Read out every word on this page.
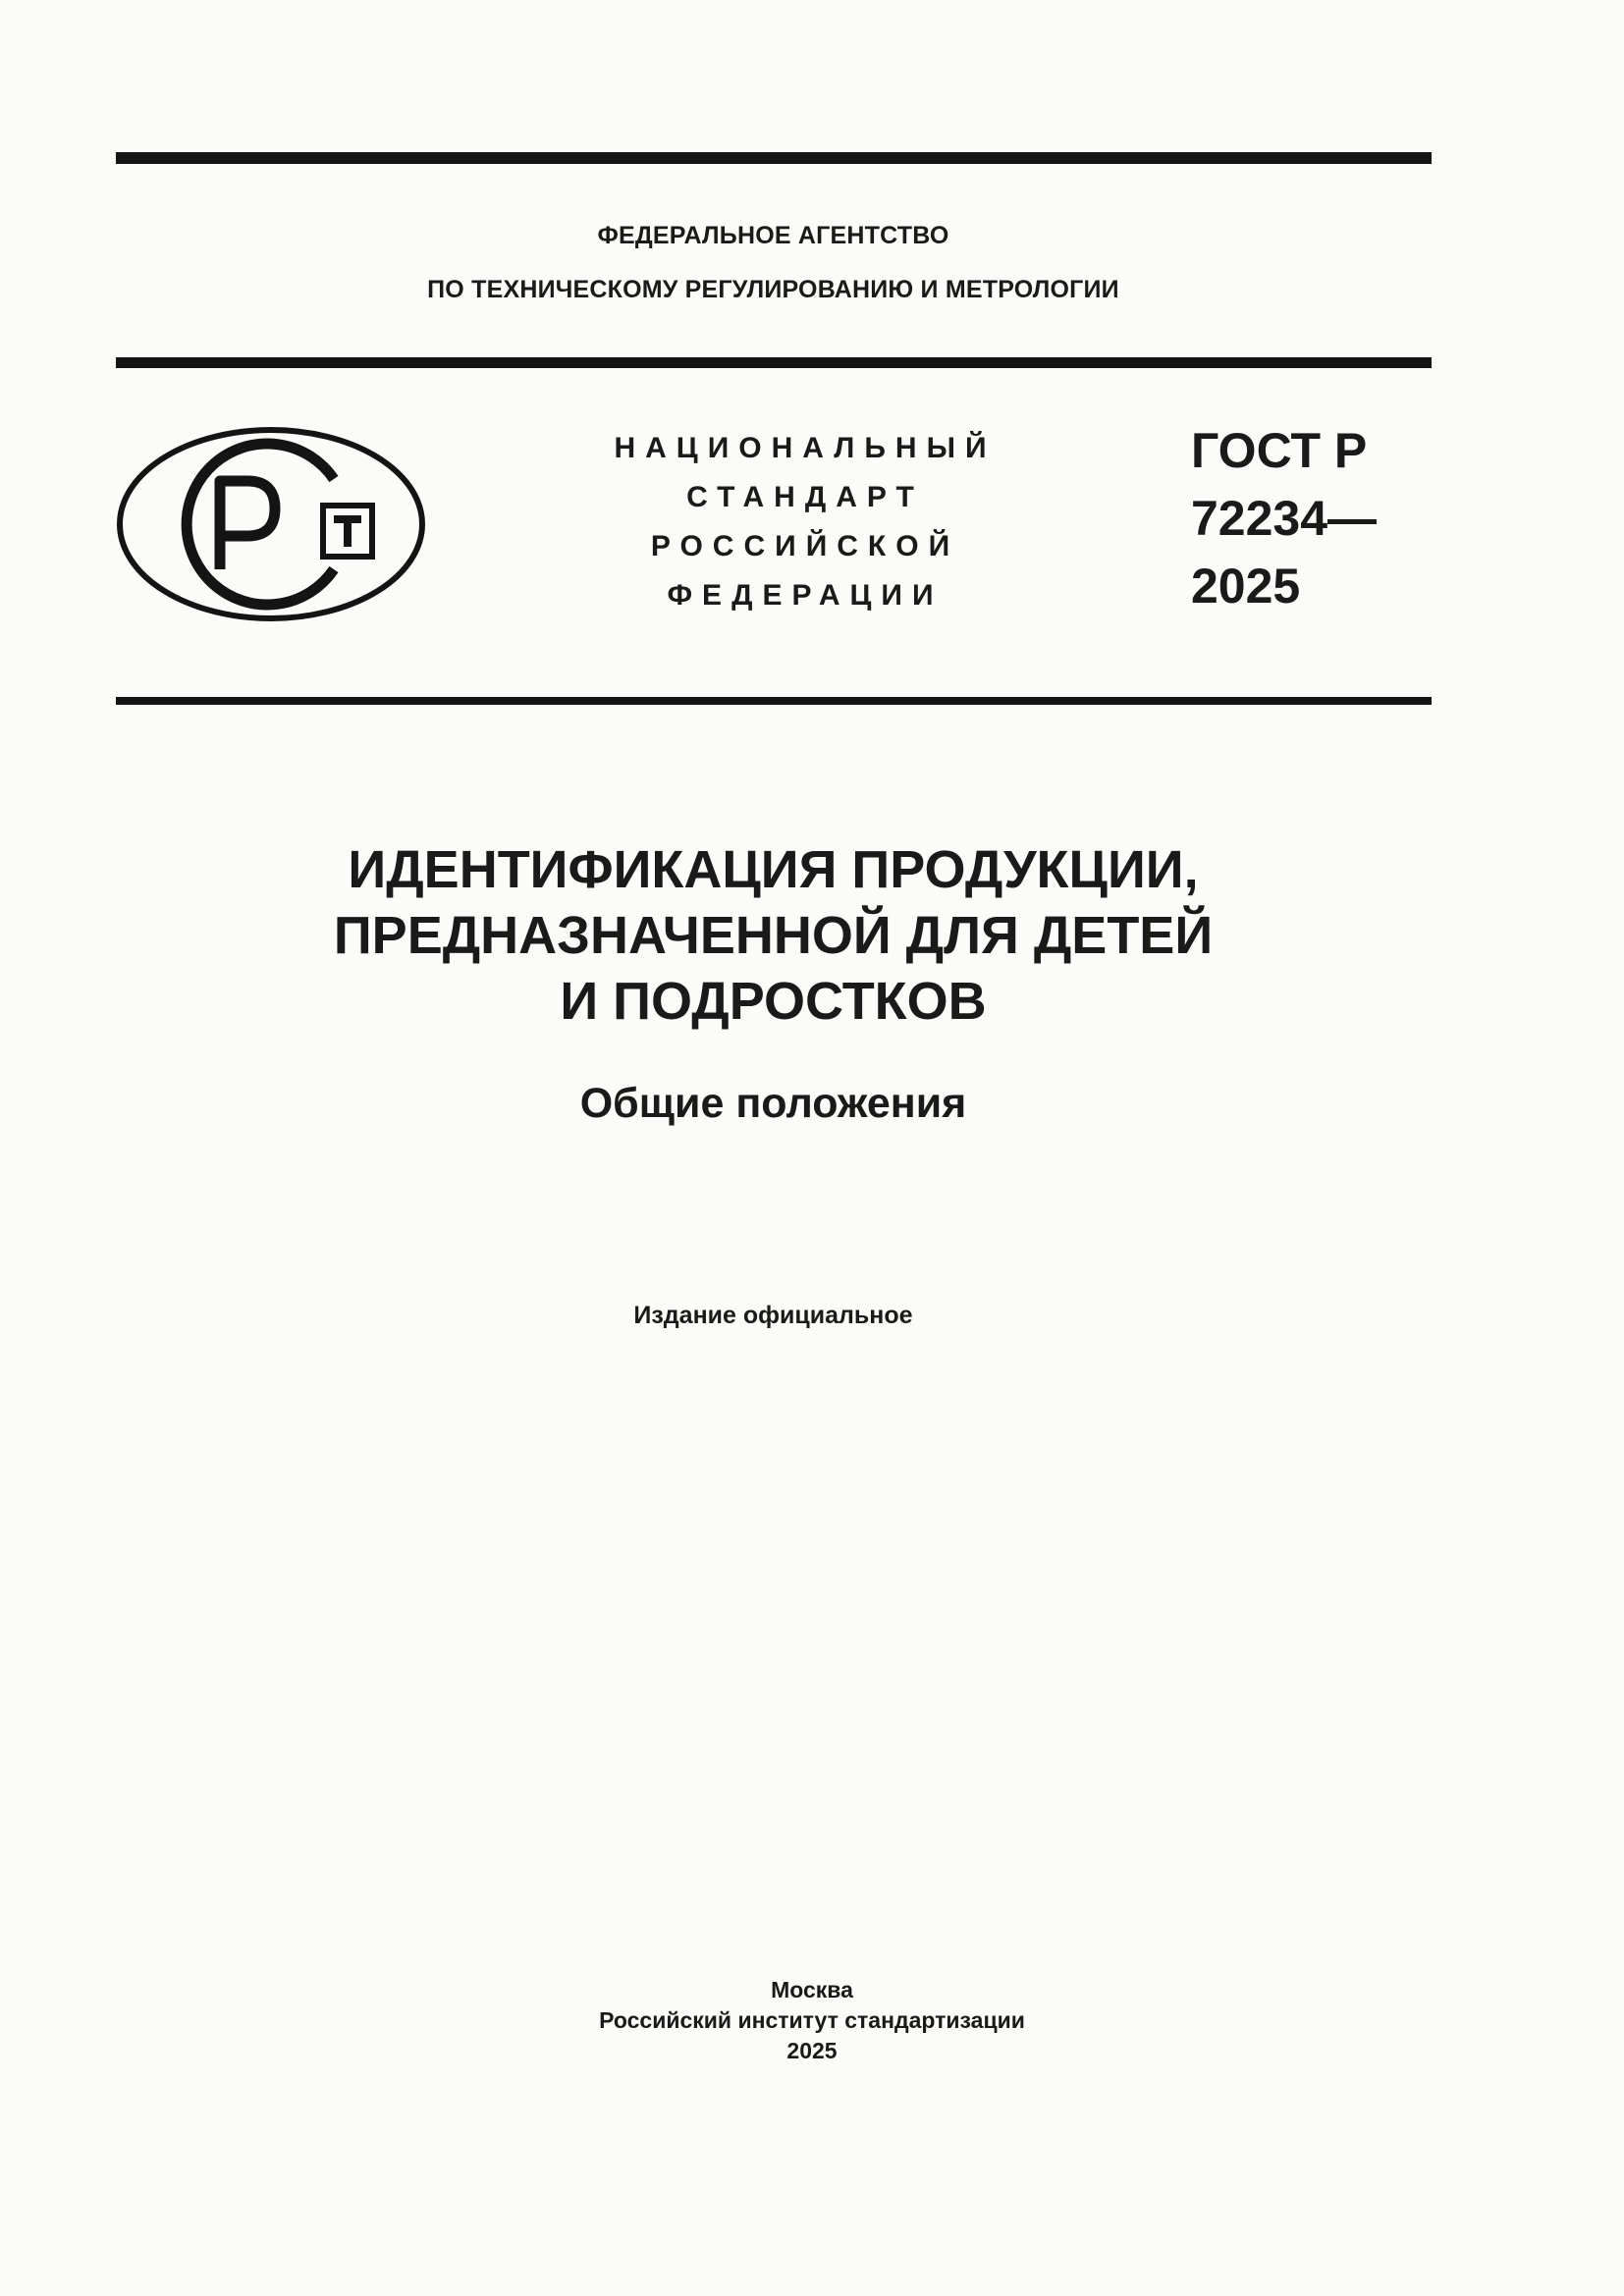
ФЕДЕРАЛЬНОЕ АГЕНТСТВО
ПО ТЕХНИЧЕСКОМУ РЕГУЛИРОВАНИЮ И МЕТРОЛОГИИ
НАЦИОНАЛЬНЫЙ
СТАНДАРТ
РОССИЙСКОЙ
ФЕДЕРАЦИИ
ГОСТ Р
72234—
2025
ИДЕНТИФИКАЦИЯ ПРОДУКЦИИ,
ПРЕДНАЗНАЧЕННОЙ ДЛЯ ДЕТЕЙ
И ПОДРОСТКОВ
Общие положения
Издание официальное
Москва
Российский институт стандартизации
2025
